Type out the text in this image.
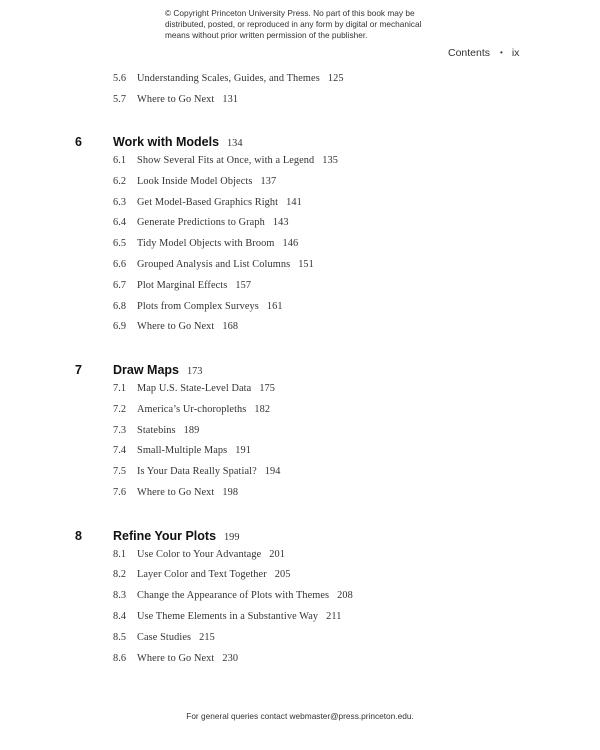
© Copyright Princeton University Press. No part of this book may be
distributed, posted, or reproduced in any form by digital or mechanical
means without prior written permission of the publisher.
Contents • ix
5.6 Understanding Scales, Guides, and Themes 125
5.7 Where to Go Next 131
6 Work with Models 134
6.1 Show Several Fits at Once, with a Legend 135
6.2 Look Inside Model Objects 137
6.3 Get Model-Based Graphics Right 141
6.4 Generate Predictions to Graph 143
6.5 Tidy Model Objects with Broom 146
6.6 Grouped Analysis and List Columns 151
6.7 Plot Marginal Effects 157
6.8 Plots from Complex Surveys 161
6.9 Where to Go Next 168
7 Draw Maps 173
7.1 Map U.S. State-Level Data 175
7.2 America’s Ur-choropleths 182
7.3 Statebins 189
7.4 Small-Multiple Maps 191
7.5 Is Your Data Really Spatial? 194
7.6 Where to Go Next 198
8 Refine Your Plots 199
8.1 Use Color to Your Advantage 201
8.2 Layer Color and Text Together 205
8.3 Change the Appearance of Plots with Themes 208
8.4 Use Theme Elements in a Substantive Way 211
8.5 Case Studies 215
8.6 Where to Go Next 230
For general queries contact webmaster@press.princeton.edu.
